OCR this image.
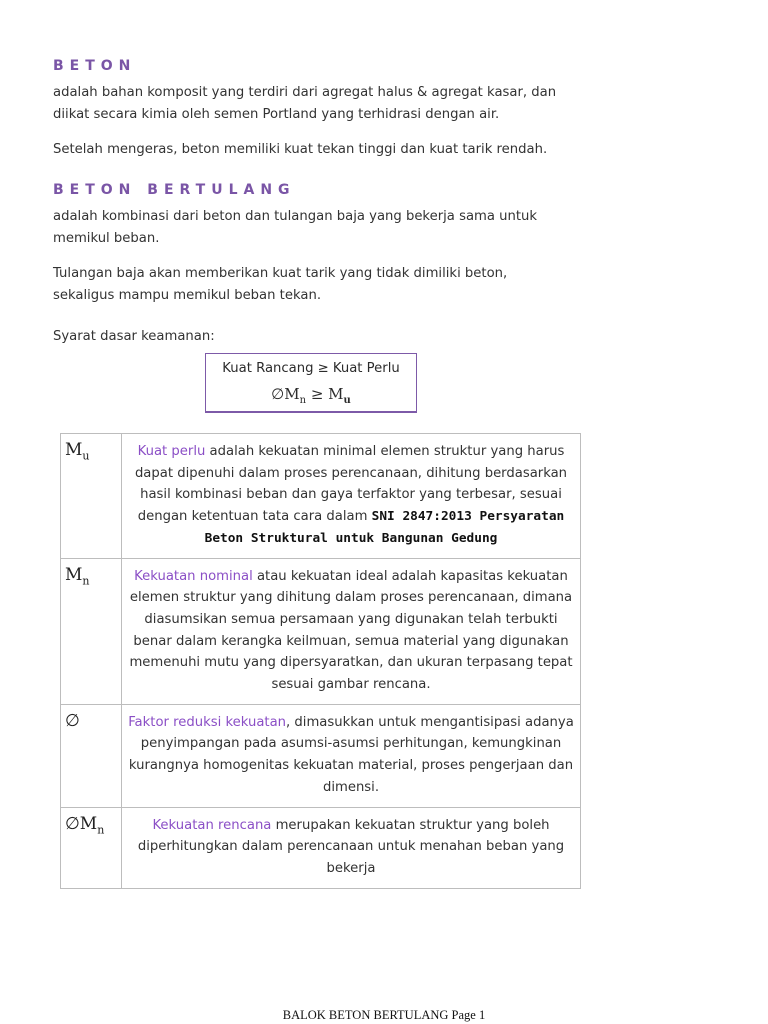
BETON
adalah bahan komposit yang terdiri dari agregat halus & agregat kasar, dan
diikat secara kimia oleh semen Portland yang terhidrasi dengan air.
Setelah mengeras, beton memiliki kuat tekan tinggi dan kuat tarik rendah.
BETON BERTULANG
adalah kombinasi dari beton dan tulangan baja yang bekerja sama untuk
memikul beban.
Tulangan baja akan memberikan kuat tarik yang tidak dimiliki beton,
sekaligus mampu memikul beban tekan.
Syarat dasar keamanan:
Kuat Rancang ≥ Kuat Perlu
$\emptyset M_n \ge M_u$
$M_u$	Kuat perlu adalah kekuatan minimal elemen struktur yang harus dapat dipenuhi dalam proses perencanaan, dihitung berdasarkan hasil kombinasi beban dan gaya terfaktor yang terbesar, sesuai dengan ketentuan tata cara dalam SNI 2847:2013 Persyaratan Beton Struktural untuk Bangunan Gedung
$M_n$	Kekuatan nominal atau kekuatan ideal adalah kapasitas kekuatan elemen struktur yang dihitung dalam proses perencanaan, dimana diasumsikan semua persamaan yang digunakan telah terbukti benar dalam kerangka keilmuan, semua material yang digunakan memenuhi mutu yang dipersyaratkan, dan ukuran terpasang tepat sesuai gambar rencana.
∅	Faktor reduksi kekuatan, dimasukkan untuk mengantisipasi adanya penyimpangan pada asumsi-asumsi perhitungan, kemungkinan kurangnya homogenitas kekuatan material, proses pengerjaan dan dimensi.
$\emptyset M_n$	Kekuatan rencana merupakan kekuatan struktur yang boleh diperhitungkan dalam perencanaan untuk menahan beban yang bekerja
BALOK BETON BERTULANG Page 1
